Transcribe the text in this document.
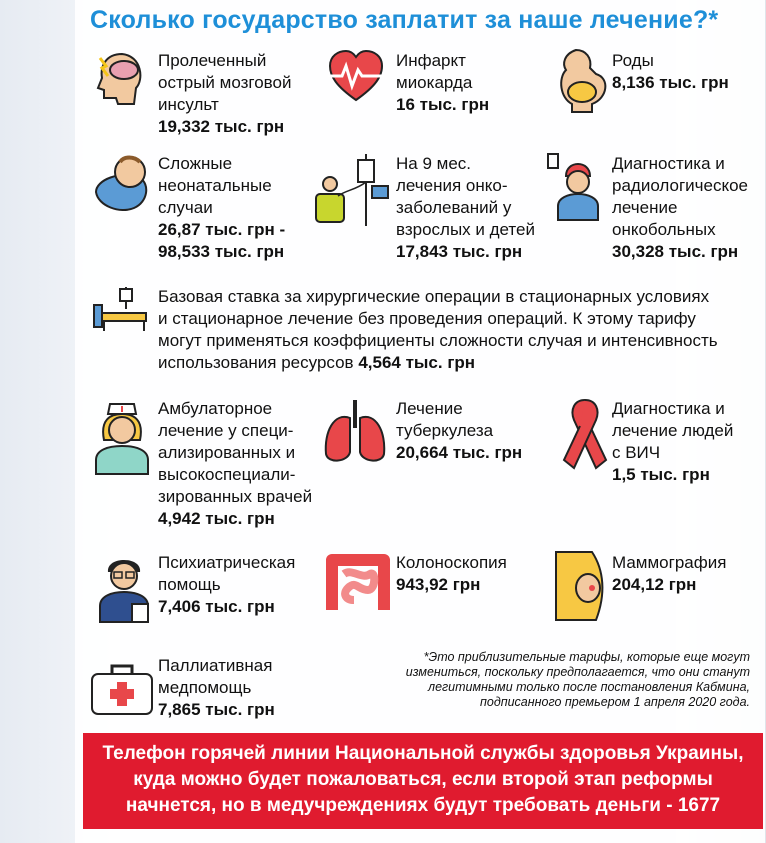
Сколько государство заплатит за наше лечение?*
Пролеченный
острый мозговой
инсульт
19,332 тыс. грн
Инфаркт
миокарда
16 тыс. грн
Роды
8,136 тыс. грн
Сложные
неонатальные
случаи
26,87 тыс. грн -
98,533 тыс. грн
На 9 мес.
лечения онко-
заболеваний у
взрослых и детей
17,843 тыс. грн
Диагностика и
радиологическое
лечение
онкобольных
30,328 тыс. грн
Базовая ставка за хирургические операции в стационарных условиях
и стационарное лечение без проведения операций. К этому тарифу
могут применяться коэффициенты сложности случая и интенсивность
использования ресурсов 4,564 тыс. грн
Амбулаторное
лечение у специ-
ализированных и
высокоспециали-
зированных врачей
4,942 тыс. грн
Лечение
туберкулеза
20,664 тыс. грн
Диагностика и
лечение людей
с ВИЧ
1,5 тыс. грн
Психиатрическая
помощь
7,406 тыс. грн
Колоноскопия
943,92 грн
Маммография
204,12 грн
Паллиативная
медпомощь
7,865 тыс. грн
*Это приблизительные тарифы, которые еще могут
измениться, поскольку предполагается, что они станут
легитимными только после постановления Кабмина,
подписанного премьером 1 апреля 2020 года.
Телефон горячей линии Национальной службы здоровья Украины,
куда можно будет пожаловаться, если второй этап реформы
начнется, но в медучреждениях будут требовать деньги - 1677
